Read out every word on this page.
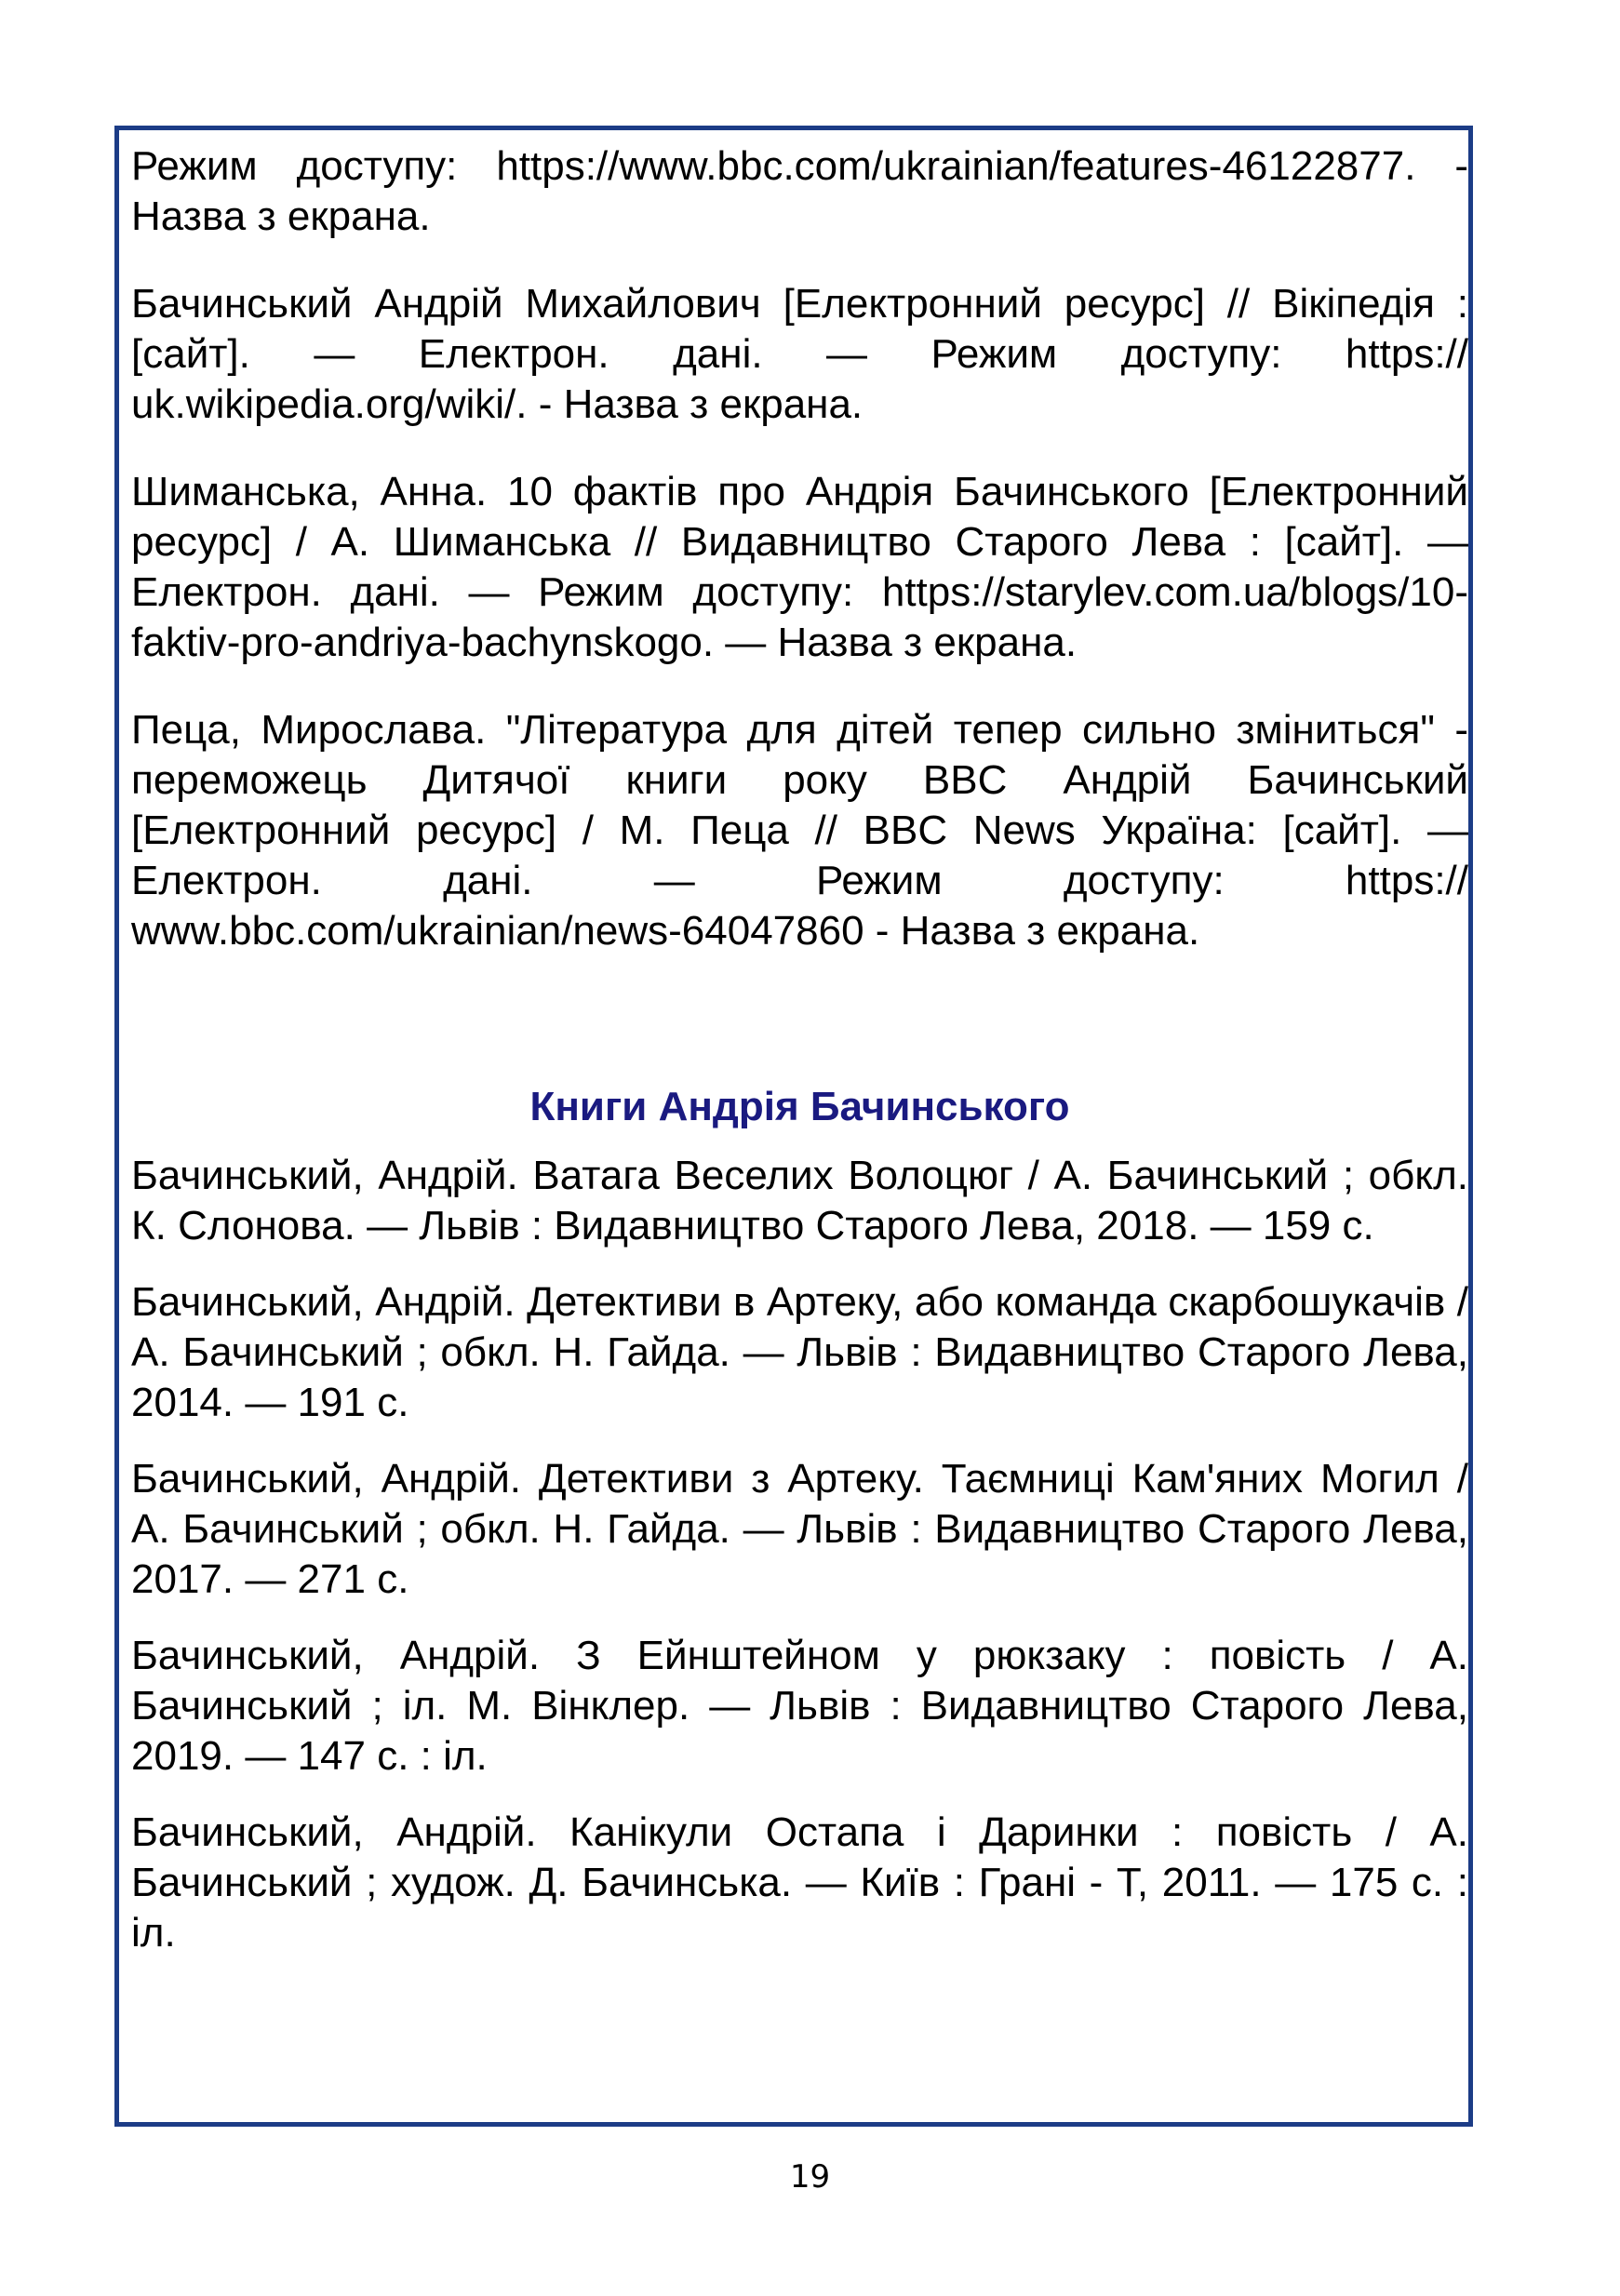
Режим доступу: https://www.bbc.com/ukrainian/features-46122877. - Назва з екрана.

Бачинський Андрій Михайлович [Електронний ресурс] // Вікіпедія : [сайт]. — Електрон. дані. — Режим доступу: https://​uk.wikipedia.org/wiki/. - Назва з екрана.

Шиманська, Анна. 10 фактів про Андрія Бачинського [Електронний ресурс] / А. Шиманська // Видавництво Старого Лева : [сайт]. — Електрон. дані. — Режим доступу: https://​starylev.com.ua/blogs/10-faktiv-pro-andriya-bachynskogo. — Назва з екрана.

Пеца, Мирослава. "Література для дітей тепер сильно зміниться" - переможець Дитячої книги року BBC Андрій Бачинський [Електронний ресурс] / М. Пеца // BBC News Україна: [сайт]. — Електрон. дані. — Режим доступу: https://​www.bbc.com/ukrainian/news-64047860 - Назва з екрана.

Книги Андрія Бачинського

Бачинський, Андрій. Ватага Веселих Волоцюг / А. Бачинський ; обкл. К. Слонова. — Львів : Видавництво Старого Лева, 2018. — 159 с.

Бачинський, Андрій. Детективи в Артеку, або команда скарбошукачів / А. Бачинський ; обкл. Н. Гайда. — Львів : Видавництво Старого Лева, 2014. — 191 с.

Бачинський, Андрій. Детективи з Артеку. Таємниці Кам'яних Могил / А. Бачинський ; обкл. Н. Гайда. — Львів : Видавництво Старого Лева, 2017. — 271 с.

Бачинський, Андрій. З Ейнштейном у рюкзаку : повість / А. Бачинський ; іл. М. Вінклер. — Львів : Видавництво Старого Лева, 2019. — 147 с. : іл.

Бачинський, Андрій. Канікули Остапа і Даринки : повість / А. Бачинський ; худож. Д. Бачинська. — Київ : Грані - Т, 2011. — 175 с. : іл.

19
